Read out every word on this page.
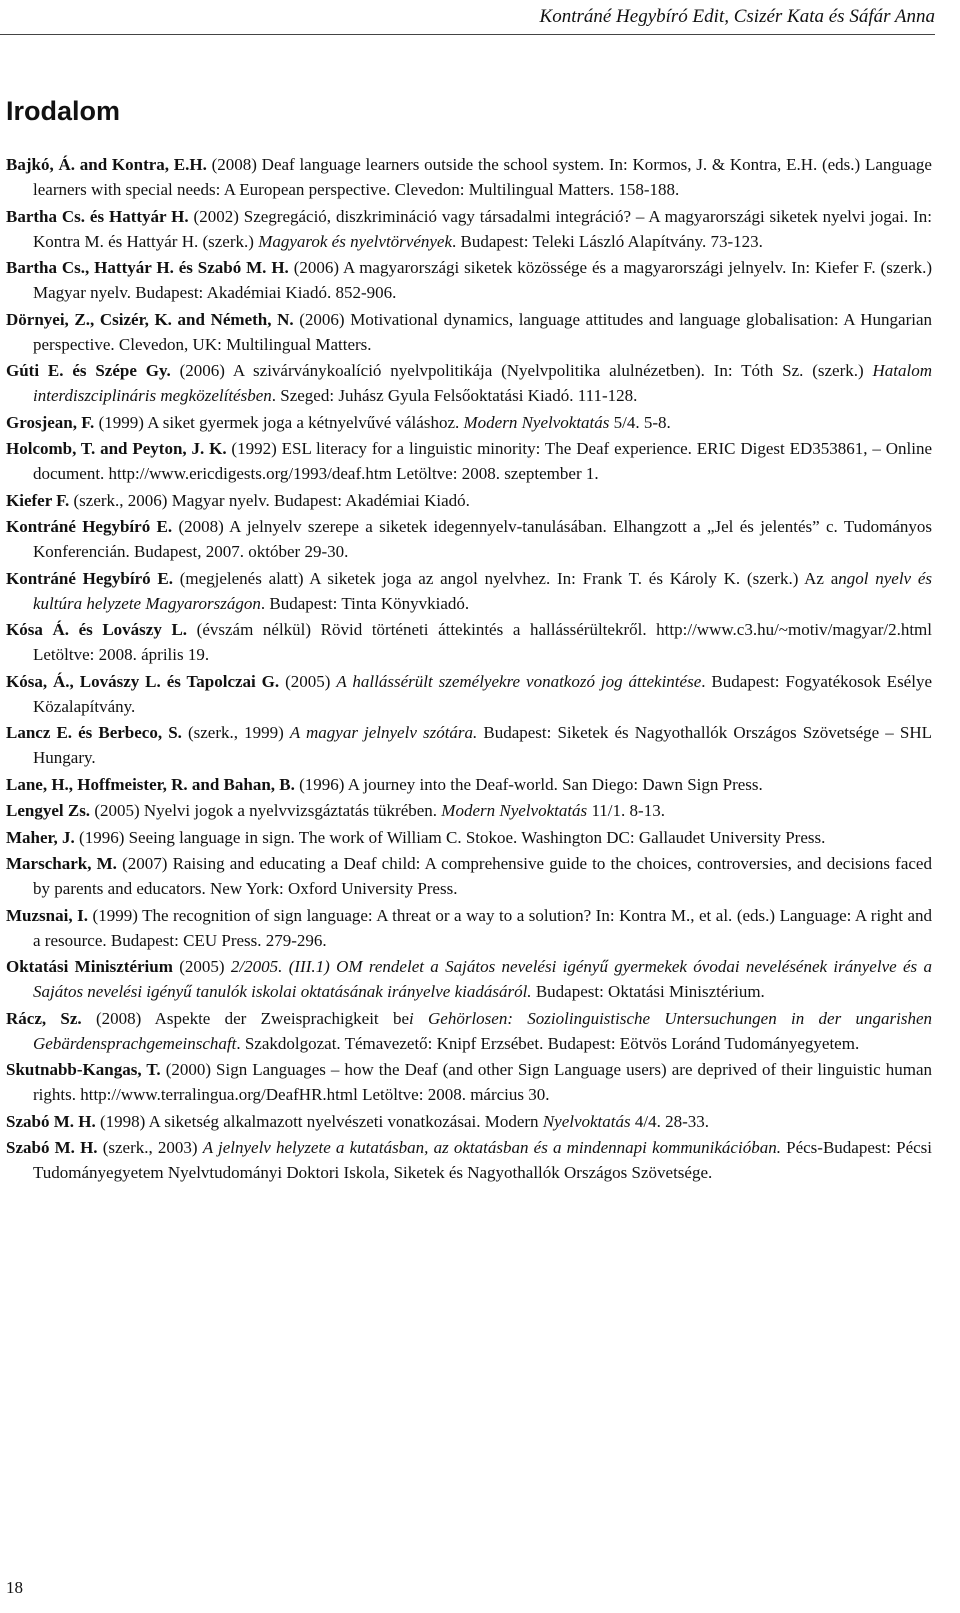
Kontráné Hegybíró Edit, Csizér Kata és Sáfár Anna
Irodalom

Bajkó, Á. and Kontra, E.H. (2008) Deaf language learners outside the school system. In: Kormos, J. & Kontra, E.H. (eds.) Language learners with special needs: A European perspective. Clevedon: Multilingual Matters. 158-188.

Bartha Cs. és Hattyár H. (2002) Szegregáció, diszkrimináció vagy társadalmi integráció? – A magyarországi siketek nyelvi jogai. In: Kontra M. és Hattyár H. (szerk.) Magyarok és nyelvtörvények. Budapest: Teleki László Alapítvány. 73-123.

Bartha Cs., Hattyár H. és Szabó M. H. (2006) A magyarországi siketek közössége és a magyarországi jelnyelv. In: Kiefer F. (szerk.) Magyar nyelv. Budapest: Akadémiai Kiadó. 852-906.

Dörnyei, Z., Csizér, K. and Németh, N. (2006) Motivational dynamics, language attitudes and language globalisation: A Hungarian perspective. Clevedon, UK: Multilingual Matters.

Gúti E. és Szépe Gy. (2006) A szivárványkoalíció nyelvpolitikája (Nyelvpolitika alulnézetben). In: Tóth Sz. (szerk.) Hatalom interdiszciplináris megközelítésben. Szeged: Juhász Gyula Felsőoktatási Kiadó. 111-128.

Grosjean, F. (1999) A siket gyermek joga a kétnyelvűvé váláshoz. Modern Nyelvoktatás 5/4. 5-8.

Holcomb, T. and Peyton, J. K. (1992) ESL literacy for a linguistic minority: The Deaf experience. ERIC Digest ED353861, – Online document. http://www.ericdigests.org/1993/deaf.htm Letöltve: 2008. szeptember 1.

Kiefer F. (szerk., 2006) Magyar nyelv. Budapest: Akadémiai Kiadó.

Kontráné Hegybíró E. (2008) A jelnyelv szerepe a siketek idegennyelv-tanulásában. Elhangzott a „Jel és jelentés” c. Tudományos Konferencián. Budapest, 2007. október 29-30.

Kontráné Hegybíró E. (megjelenés alatt) A siketek joga az angol nyelvhez. In: Frank T. és Károly K. (szerk.) Az angol nyelv és kultúra helyzete Magyarországon. Budapest: Tinta Könyvkiadó.

Kósa Á. és Lovászy L. (évszám nélkül) Rövid történeti áttekintés a hallássérültekről. http://www.c3.hu/~motiv/magyar/2.html Letöltve: 2008. április 19.

Kósa, Á., Lovászy L. és Tapolczai G. (2005) A hallássérült személyekre vonatkozó jog áttekintése. Budapest: Fogyatékosok Esélye Közalapítvány.

Lancz E. és Berbeco, S. (szerk., 1999) A magyar jelnyelv szótára. Budapest: Siketek és Nagyothallók Országos Szövetsége – SHL Hungary.

Lane, H., Hoffmeister, R. and Bahan, B. (1996) A journey into the Deaf-world. San Diego: Dawn Sign Press.

Lengyel Zs. (2005) Nyelvi jogok a nyelvvizsgáztatás tükrében. Modern Nyelvoktatás 11/1. 8-13.

Maher, J. (1996) Seeing language in sign. The work of William C. Stokoe. Washington DC: Gallaudet University Press.

Marschark, M. (2007) Raising and educating a Deaf child: A comprehensive guide to the choices, controversies, and decisions faced by parents and educators. New York: Oxford University Press.

Muzsnai, I. (1999) The recognition of sign language: A threat or a way to a solution? In: Kontra M., et al. (eds.) Language: A right and a resource. Budapest: CEU Press. 279-296.

Oktatási Minisztérium (2005) 2/2005. (III.1) OM rendelet a Sajátos nevelési igényű gyermekek óvodai nevelésének irányelve és a Sajátos nevelési igényű tanulók iskolai oktatásának irányelve kiadásáról. Budapest: Oktatási Minisztérium.

Rácz, Sz. (2008) Aspekte der Zweisprachigkeit bei Gehörlosen: Soziolinguistische Untersuchungen in der ungarishen Gebärdensprachgemeinschaft. Szakdolgozat. Témavezető: Knipf Erzsébet. Budapest: Eötvös Loránd Tudományegyetem.

Skutnabb-Kangas, T. (2000) Sign Languages – how the Deaf (and other Sign Language users) are deprived of their linguistic human rights. http://www.terralingua.org/DeafHR.html Letöltve: 2008. március 30.

Szabó M. H. (1998) A siketség alkalmazott nyelvészeti vonatkozásai. Modern Nyelvoktatás 4/4. 28-33.

Szabó M. H. (szerk., 2003) A jelnyelv helyzete a kutatásban, az oktatásban és a mindennapi kommunikációban. Pécs-Budapest: Pécsi Tudományegyetem Nyelvtudományi Doktori Iskola, Siketek és Nagyothallók Országos Szövetsége.

18
